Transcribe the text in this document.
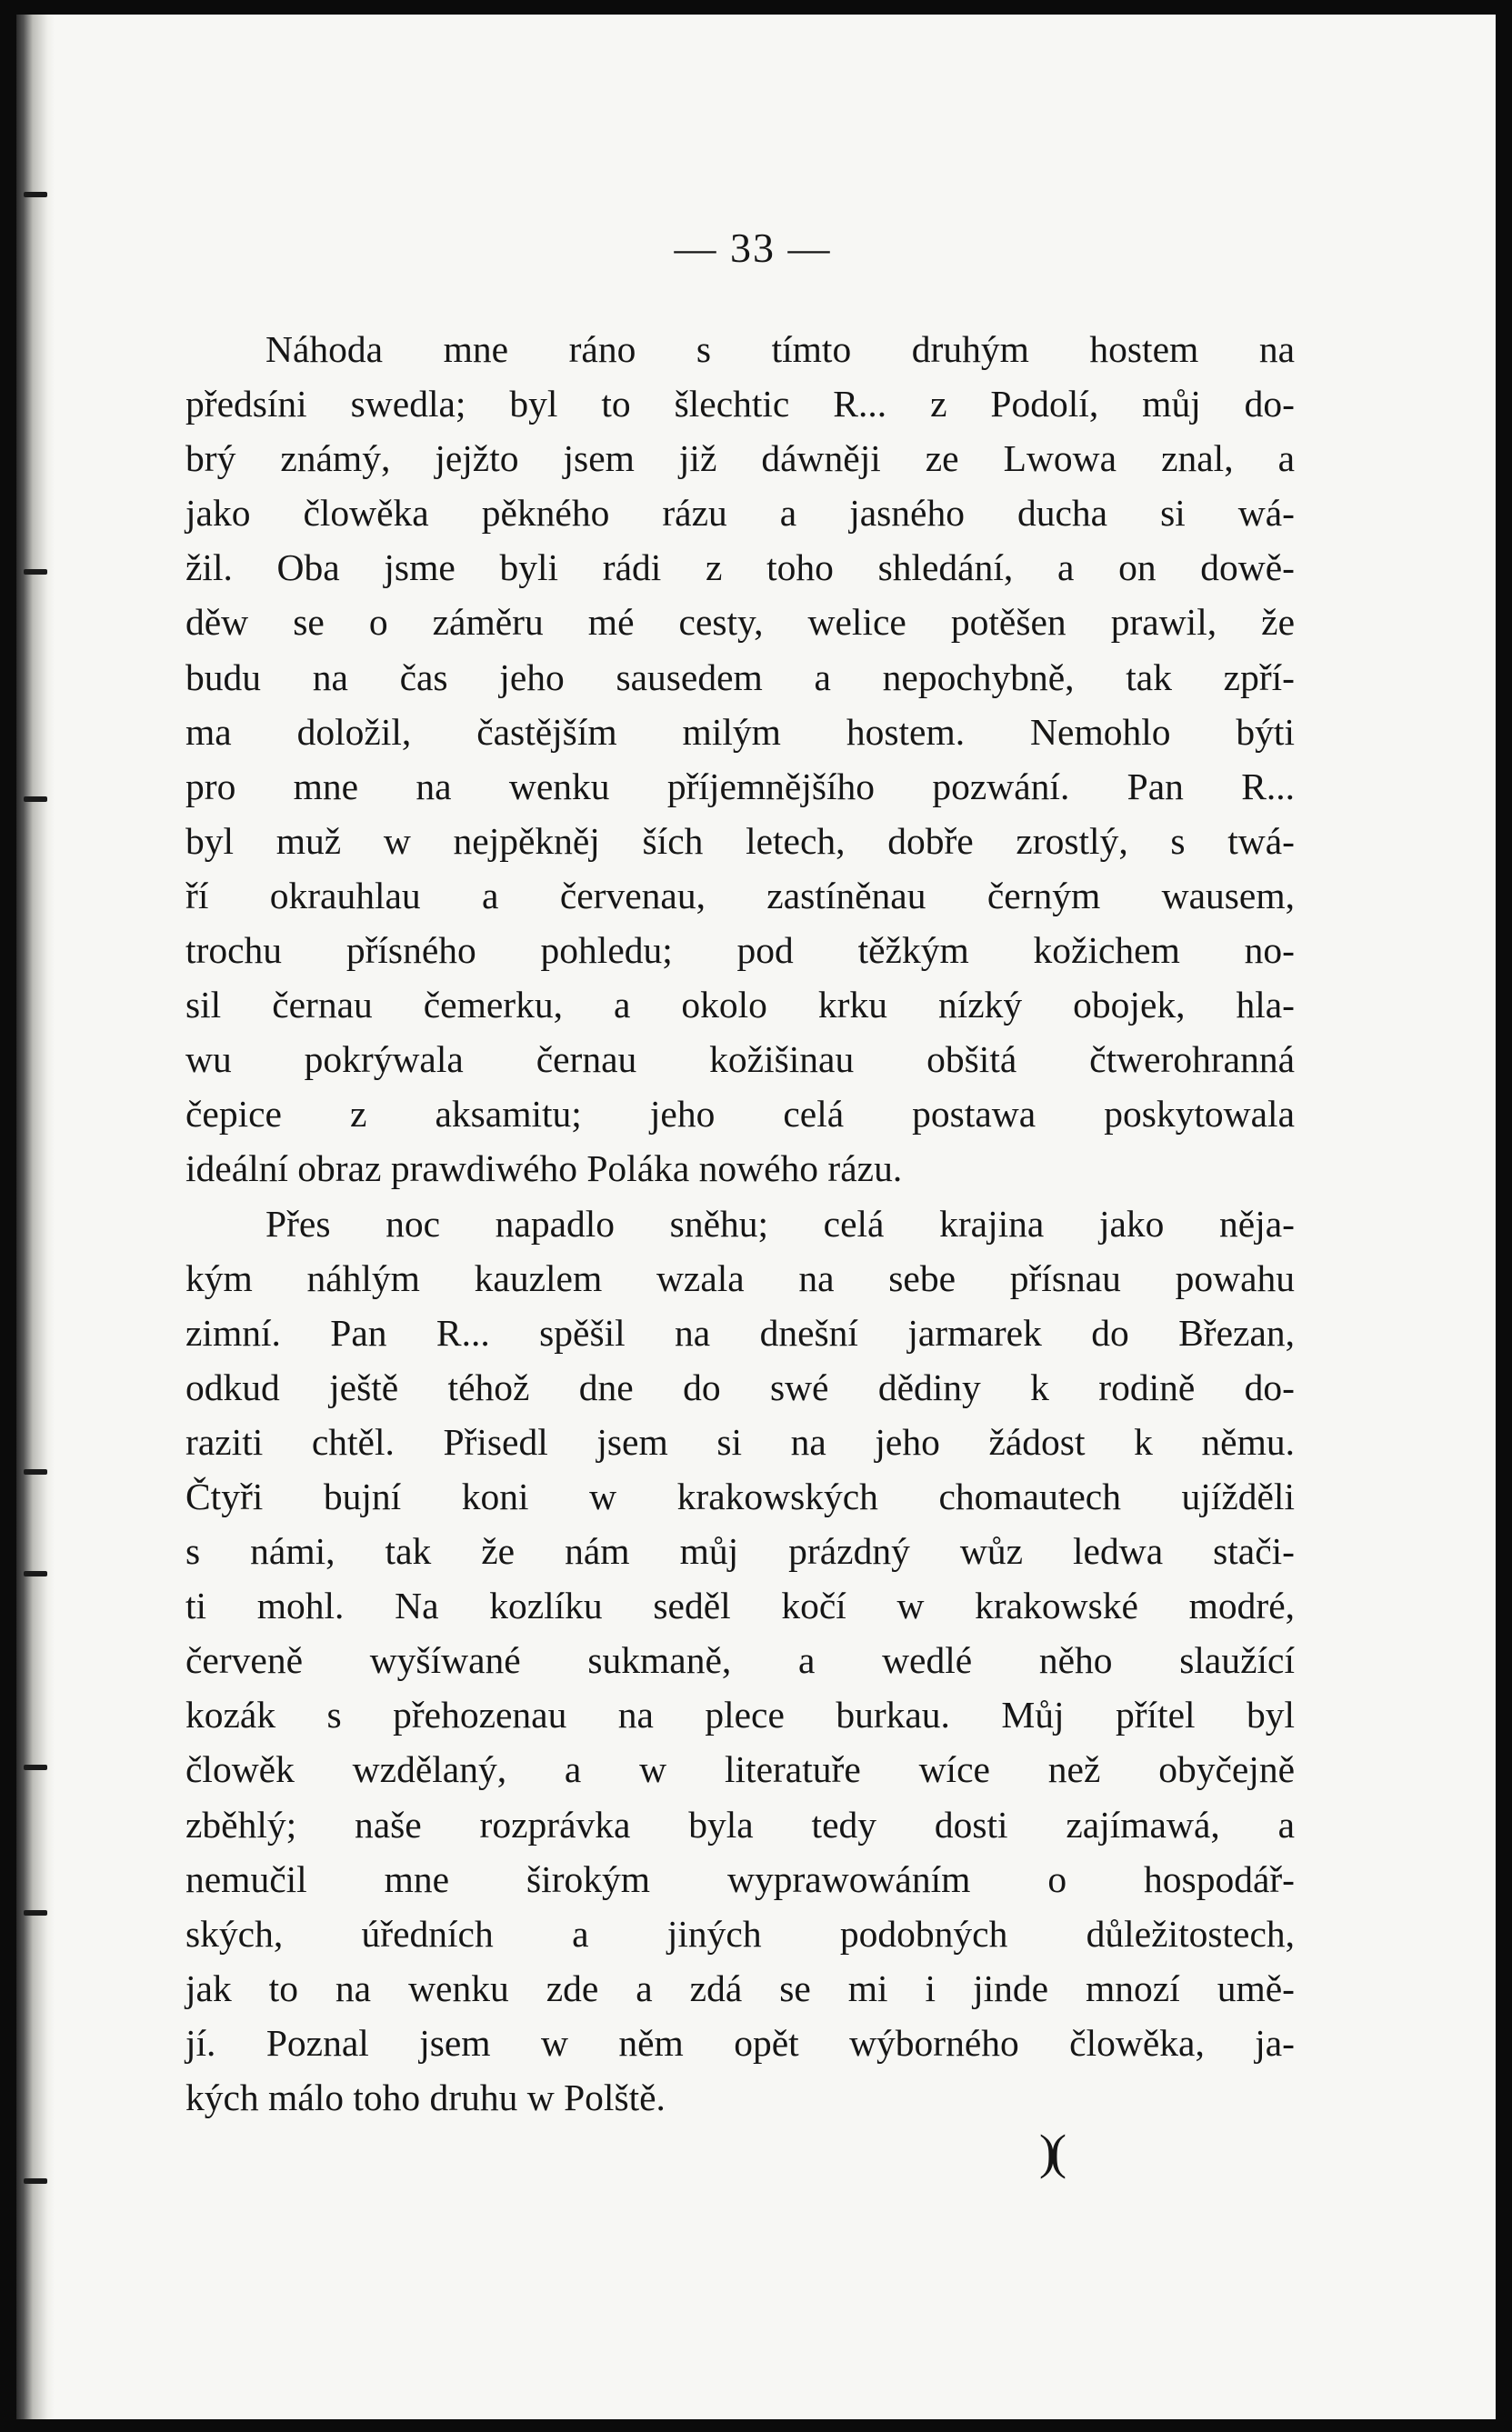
— 33 —
Náhoda mne ráno s tímto druhým hostem na
předsíni swedla; byl to šlechtic R... z Podolí, můj do-
brý známý, jejžto jsem již dáwněji ze Lwowa znal, a
jako člowěka pěkného rázu a jasného ducha si wá-
žil. Oba jsme byli rádi z toho shledání, a on dowě-
děw se o záměru mé cesty, welice potěšen prawil, že
budu na čas jeho sausedem a nepochybně, tak zpří-
ma doložil, častějším milým hostem. Nemohlo býti
pro mne na wenku příjemnějšího pozwání. Pan R...
byl muž w nejpěkněj ších letech, dobře zrostlý, s twá-
ří okrauhlau a červenau, zastíněnau černým wausem,
trochu přísného pohledu; pod těžkým kožichem no-
sil černau čemerku, a okolo krku nízký obojek, hla-
wu pokrýwala černau kožišinau obšitá čtwerohranná
čepice z aksamitu; jeho celá postawa poskytowala
ideální obraz prawdiwého Poláka nowého rázu.
Přes noc napadlo sněhu; celá krajina jako něja-
kým náhlým kauzlem wzala na sebe přísnau powahu
zimní. Pan R... spěšil na dnešní jarmarek do Březan,
odkud ještě téhož dne do swé dědiny k rodině do-
raziti chtěl. Přisedl jsem si na jeho žádost k němu.
Čtyři bujní koni w krakowských chomautech ujížděli
s námi, tak že nám můj prázdný wůz ledwa stači-
ti mohl. Na kozlíku seděl kočí w krakowské modré,
červeně wyšíwané sukmaně, a wedlé něho slaužící
kozák s přehozenau na plece burkau. Můj přítel byl
člowěk wzdělaný, a w literatuře wíce než obyčejně
zběhlý; naše rozprávka byla tedy dosti zajímawá, a
nemučil mne širokým wyprawowáním o hospodář-
ských, úředních a jiných podobných důležitostech,
jak to na wenku zde a zdá se mi i jinde mnozí umě-
jí. Poznal jsem w něm opět wýborného člowěka, ja-
kých málo toho druhu w Polště.
)(
